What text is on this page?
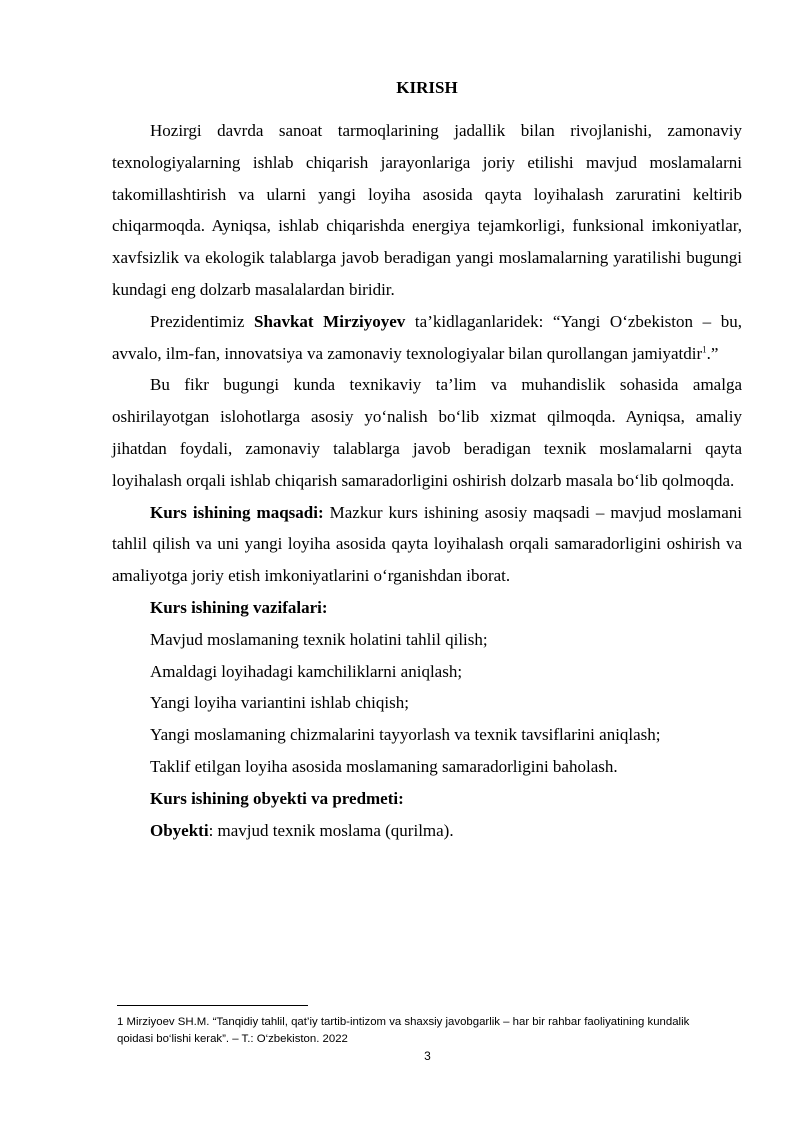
KIRISH

Hozirgi davrda sanoat tarmoqlarining jadallik bilan rivojlanishi, zamonaviy texnologiyalarning ishlab chiqarish jarayonlariga joriy etilishi mavjud moslamalarni takomillashtirish va ularni yangi loyiha asosida qayta loyihalash zaruratini keltirib chiqarmoqda. Ayniqsa, ishlab chiqarishda energiya tejamkorligi, funksional imkoniyatlar, xavfsizlik va ekologik talablarga javob beradigan yangi moslamalarning yaratilishi bugungi kundagi eng dolzarb masalalardan biridir.

Prezidentimiz Shavkat Mirziyoyev ta’kidlaganlaridek: “Yangi O‘zbekiston – bu, avvalo, ilm-fan, innovatsiya va zamonaviy texnologiyalar bilan qurollangan jamiyatdir$^1$.”

Bu fikr bugungi kunda texnikaviy ta’lim va muhandislik sohasida amalga oshirilayotgan islohotlarga asosiy yo‘nalish bo‘lib xizmat qilmoqda. Ayniqsa, amaliy jihatdan foydali, zamonaviy talablarga javob beradigan texnik moslamalarni qayta loyihalash orqali ishlab chiqarish samaradorligini oshirish dolzarb masala bo‘lib qolmoqda.

Kurs ishining maqsadi: Mazkur kurs ishining asosiy maqsadi – mavjud moslamani tahlil qilish va uni yangi loyiha asosida qayta loyihalash orqali samaradorligini oshirish va amaliyotga joriy etish imkoniyatlarini o‘rganishdan iborat.

Kurs ishining vazifalari:

Mavjud moslamaning texnik holatini tahlil qilish;

Amaldagi loyihadagi kamchiliklarni aniqlash;

Yangi loyiha variantini ishlab chiqish;

Yangi moslamaning chizmalarini tayyorlash va texnik tavsiflarini aniqlash;

Taklif etilgan loyiha asosida moslamaning samaradorligini baholash.

Kurs ishining obyekti va predmeti:

Obyekti: mavjud texnik moslama (qurilma).

1 Mirziyoev SH.M. “Tanqidiy tahlil, qat’iy tartib-intizom va shaxsiy javobgarlik – har bir rahbar faoliyatining kundalik qoidasi bo‘lishi kerak”. – T.: O‘zbekiston. 2022
3
